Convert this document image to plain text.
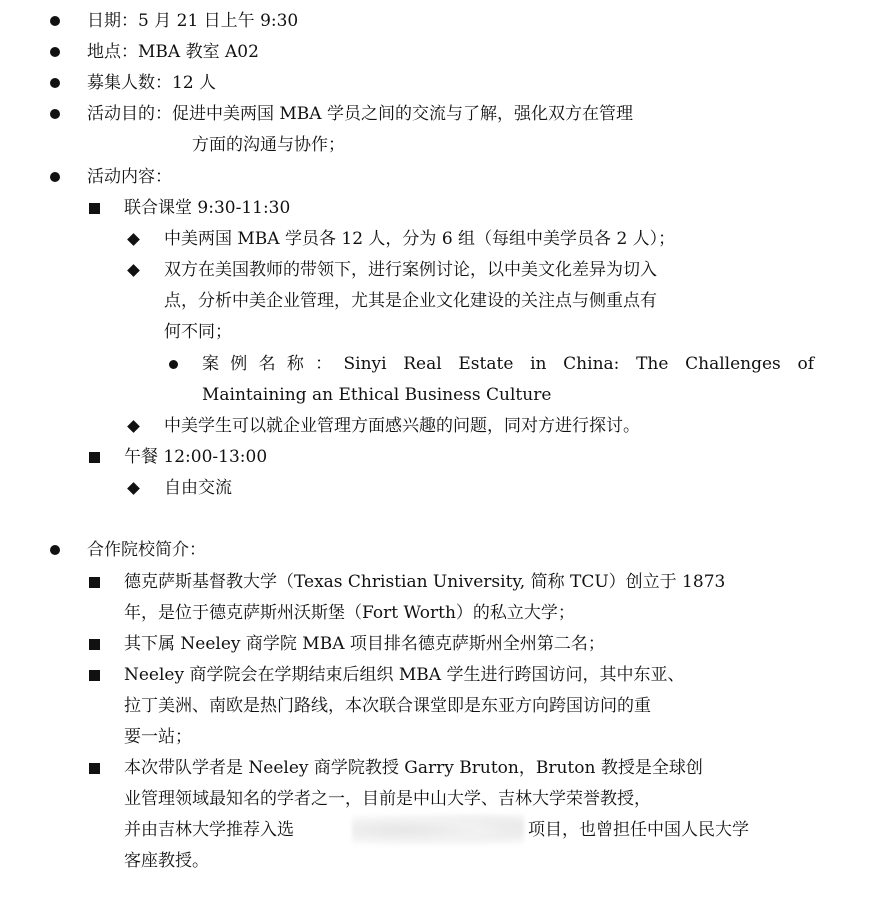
日期：5 月 21 日上午 9:30
地点：MBA 教室 A02
募集人数：12 人
活动目的：促进中美两国 MBA 学员之间的交流与了解，强化双方在管理
方面的沟通与协作；
活动内容：
联合课堂 9:30-11:30
中美两国 MBA 学员各 12 人，分为 6 组（每组中美学员各 2 人）；
双方在美国教师的带领下，进行案例讨论，以中美文化差异为切入
点，分析中美企业管理，尤其是企业文化建设的关注点与侧重点有
何不同；
案例名称：Sinyi Real Estate in China: The Challenges of
Maintaining an Ethical Business Culture
中美学生可以就企业管理方面感兴趣的问题，同对方进行探讨。
午餐 12:00-13:00
自由交流
合作院校简介：
德克萨斯基督教大学（Texas Christian University, 简称 TCU）创立于 1873
年，是位于德克萨斯州沃斯堡（Fort Worth）的私立大学；
其下属 Neeley 商学院 MBA 项目排名德克萨斯州全州第二名；
Neeley 商学院会在学期结束后组织 MBA 学生进行跨国访问，其中东亚、
拉丁美洲、南欧是热门路线，本次联合课堂即是东亚方向跨国访问的重
要一站；
本次带队学者是 Neeley 商学院教授 Garry Bruton，Bruton 教授是全球创
业管理领域最知名的学者之一，目前是中山大学、吉林大学荣誉教授，
并由吉林大学推荐入选	项目，也曾担任中国人民大学
客座教授。
